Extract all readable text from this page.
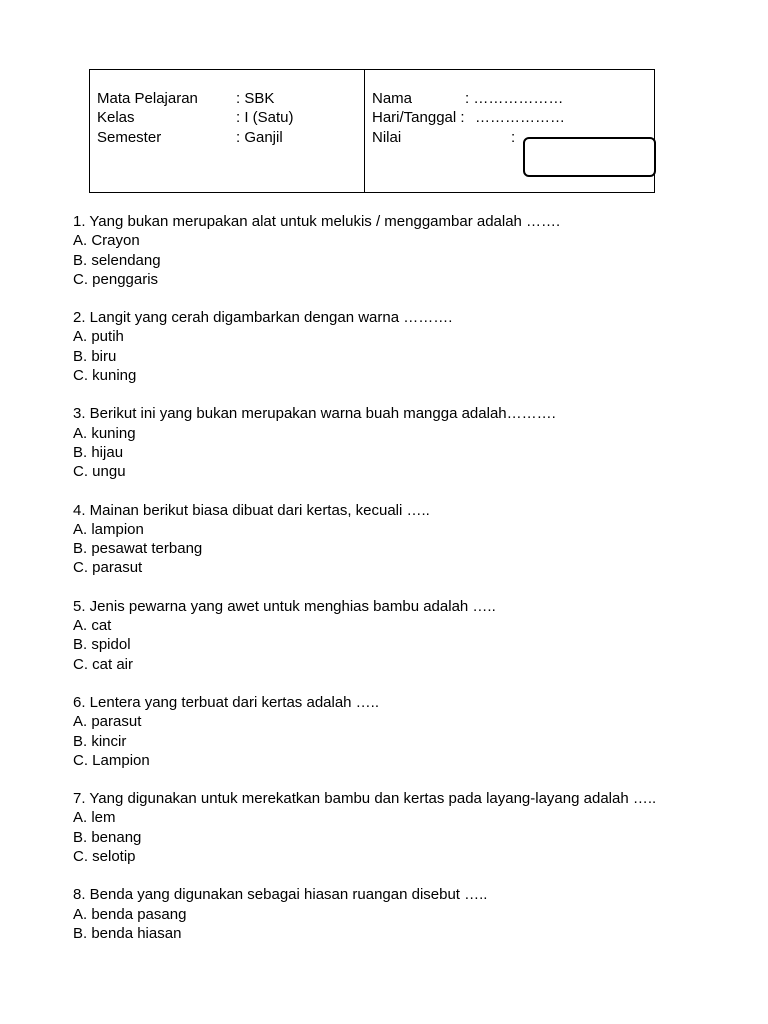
Mata Pelajaran	: SBK
Kelas	: I (Satu)
Semester	: Ganjil
Nama	: ………………
Hari/Tanggal : ………………
Nilai	:

1. Yang bukan merupakan alat untuk melukis / menggambar adalah …….

A. Crayon

B. selendang

C. penggaris

2. Langit yang cerah digambarkan dengan warna ……….

A. putih

B. biru

C. kuning

3. Berikut ini yang bukan merupakan warna buah mangga adalah……….

A. kuning

B. hijau

C. ungu

4. Mainan berikut biasa dibuat dari kertas, kecuali …..

A. lampion

B. pesawat terbang

C. parasut

5. Jenis pewarna yang awet untuk menghias bambu adalah …..

A. cat

B. spidol

C. cat air

6. Lentera yang terbuat dari kertas adalah …..

A. parasut

B. kincir

C. Lampion

7. Yang digunakan untuk merekatkan bambu dan kertas pada layang-layang adalah …..

A. lem

B. benang

C. selotip

8. Benda yang digunakan sebagai hiasan ruangan disebut …..

A. benda pasang

B. benda hiasan
